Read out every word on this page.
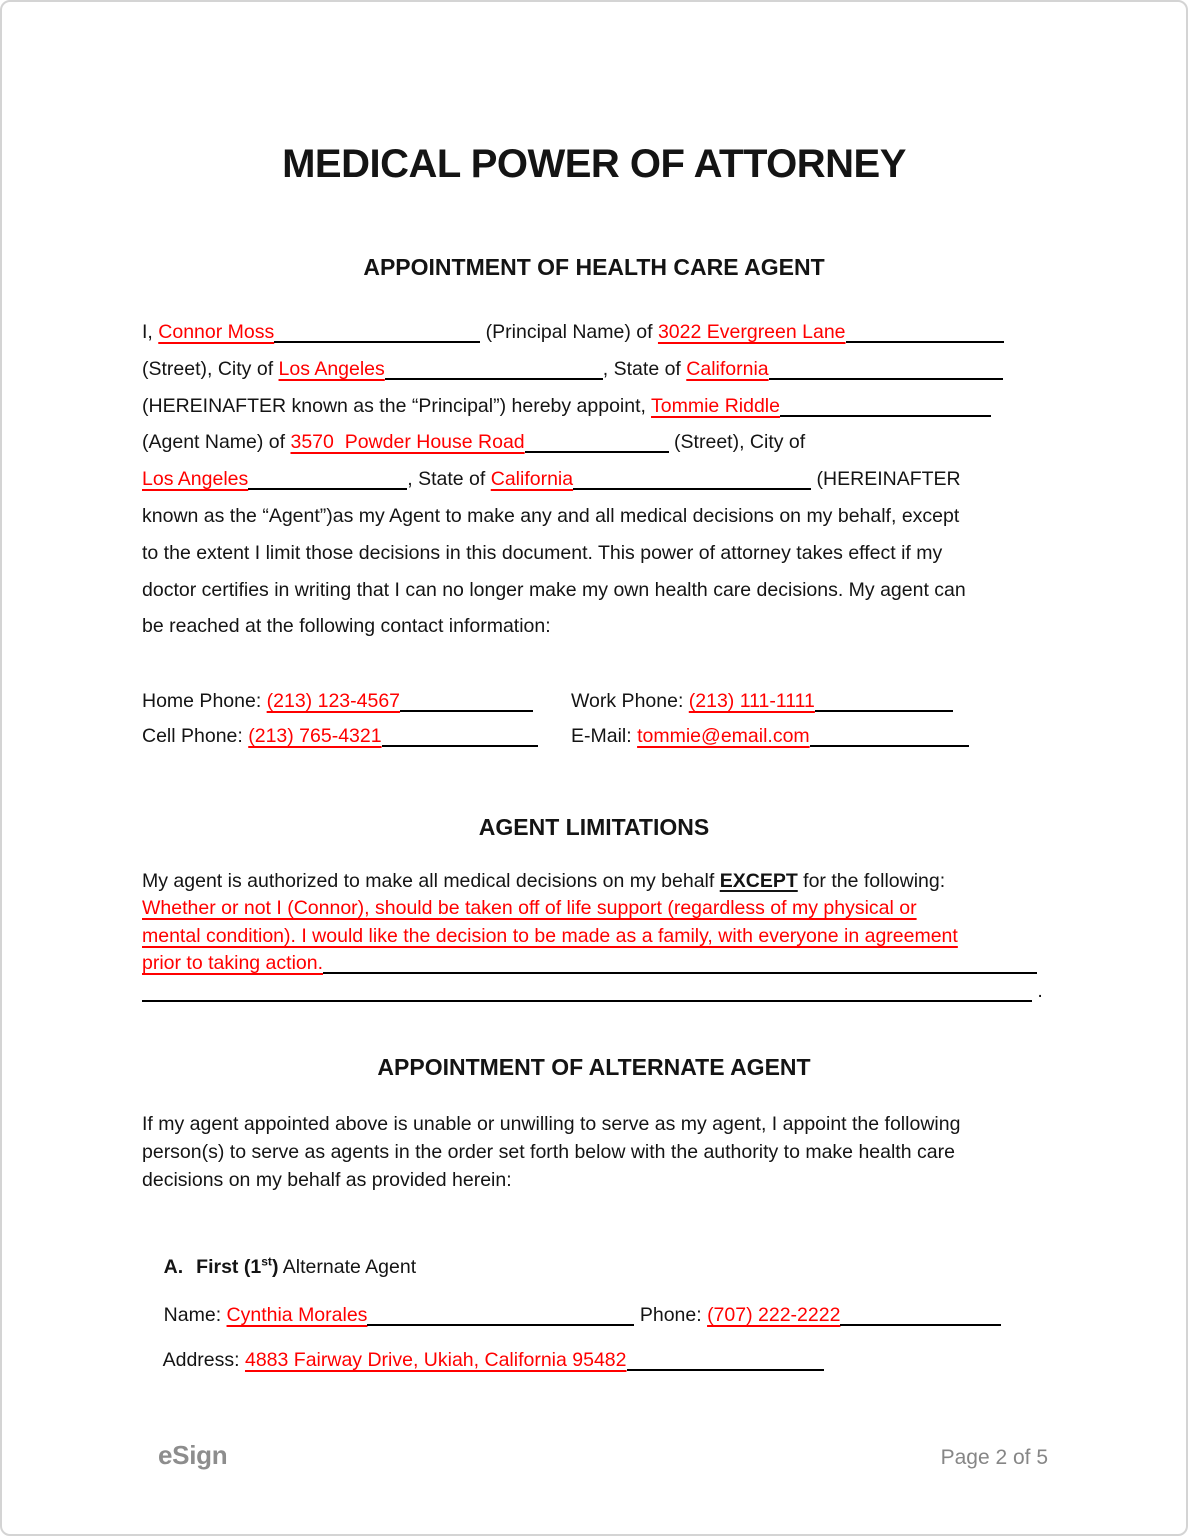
MEDICAL POWER OF ATTORNEY
APPOINTMENT OF HEALTH CARE AGENT
I, Connor Moss	(Principal Name) of 3022 Evergreen Lane
(Street), City of Los Angeles	, State of California
(HEREINAFTER known as the “Principal”) hereby appoint, Tommie Riddle
(Agent Name) of 3570  Powder House Road	(Street), City of
Los Angeles	, State of California	(HEREINAFTER
known as the “Agent”)as my Agent to make any and all medical decisions on my behalf, except
to the extent I limit those decisions in this document. This power of attorney takes effect if my
doctor certifies in writing that I can no longer make my own health care decisions. My agent can
be reached at the following contact information:
Home Phone: (213) 123-4567	Work Phone: (213) 111-1111
Cell Phone: (213) 765-4321	E-Mail: tommie@email.com
AGENT LIMITATIONS
My agent is authorized to make all medical decisions on my behalf EXCEPT for the following:
Whether or not I (Connor), should be taken off of life support (regardless of my physical or
mental condition). I would like the decision to be made as a family, with everyone in agreement
prior to taking action.
.
APPOINTMENT OF ALTERNATE AGENT
If my agent appointed above is unable or unwilling to serve as my agent, I appoint the following
person(s) to serve as agents in the order set forth below with the authority to make health care
decisions on my behalf as provided herein:

A. First (1st) Alternate Agent

Name: Cynthia Morales	Phone: (707) 222-2222

Address: 4883 Fairway Drive, Ukiah, California 95482

eSign	Page 2 of 5
